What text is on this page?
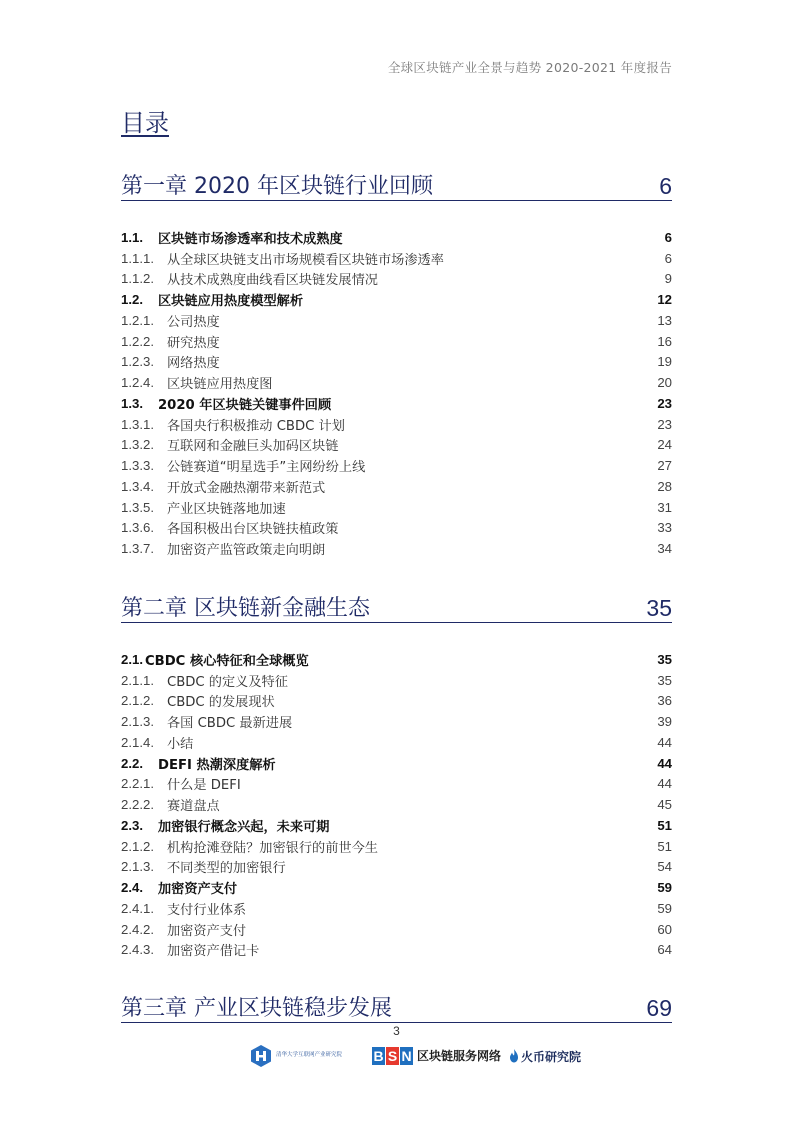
全球区块链产业全景与趋势 2020-2021 年度报告
目录
第一章 2020 年区块链行业回顾	6
1.1.	区块链市场渗透率和技术成熟度	6
1.1.1. 从全球区块链支出市场规模看区块链市场渗透率	6
1.1.2. 从技术成熟度曲线看区块链发展情况	9
1.2.	区块链应用热度模型解析	12
1.2.1. 公司热度	13
1.2.2. 研究热度	16
1.2.3. 网络热度	19
1.2.4. 区块链应用热度图	20
1.3.	2020 年区块链关键事件回顾	23
1.3.1. 各国央行积极推动 CBDC 计划	23
1.3.2. 互联网和金融巨头加码区块链	24
1.3.3. 公链赛道“明星选手”主网纷纷上线	27
1.3.4. 开放式金融热潮带来新范式	28
1.3.5. 产业区块链落地加速	31
1.3.6. 各国积极出台区块链扶植政策	33
1.3.7. 加密资产监管政策走向明朗	34
第二章 区块链新金融生态	35
2.1. CBDC 核心特征和全球概览	35
2.1.1. CBDC 的定义及特征	35
2.1.2. CBDC 的发展现状	36
2.1.3. 各国 CBDC 最新进展	39
2.1.4. 小结	44
2.2.	DEFI 热潮深度解析	44
2.2.1. 什么是 DEFI	44
2.2.2. 赛道盘点	45
2.3.	加密银行概念兴起，未来可期	51
2.1.2. 机构抢滩登陆？加密银行的前世今生	51
2.1.3. 不同类型的加密银行	54
2.4.	加密资产支付	59
2.4.1. 支付行业体系	59
2.4.2. 加密资产支付	60
2.4.3. 加密资产借记卡	64
第三章 产业区块链稳步发展	69
3
清华大学互联网产业研究院	B S N 区块链服务网络 火币研究院
